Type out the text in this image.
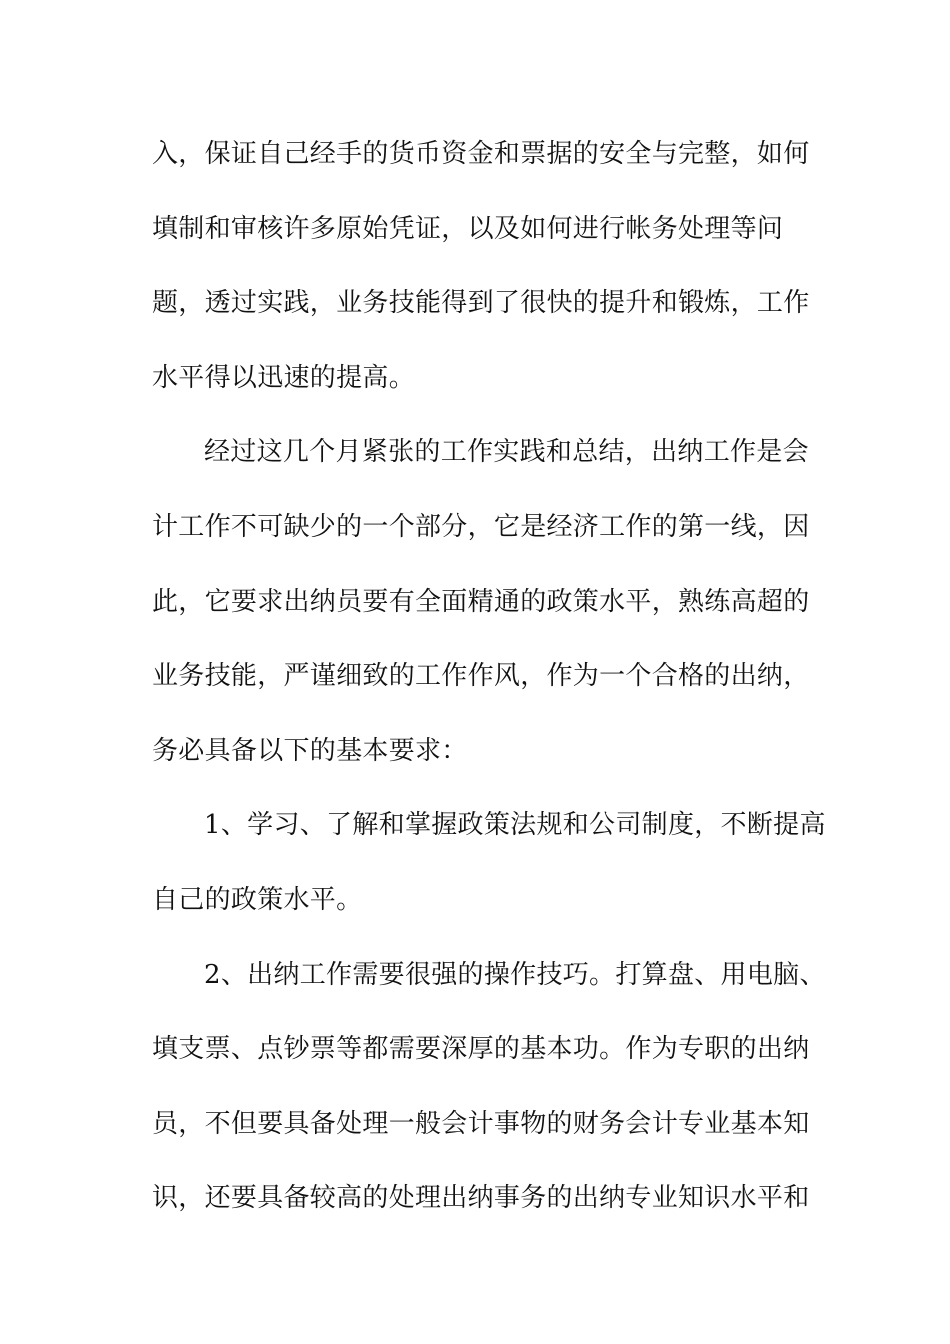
入，保证自己经手的货币资金和票据的安全与完整，如何
填制和审核许多原始凭证，以及如何进行帐务处理等问
题，透过实践，业务技能得到了很快的提升和锻炼，工作
水平得以迅速的提高。
经过这几个月紧张的工作实践和总结，出纳工作是会
计工作不可缺少的一个部分，它是经济工作的第一线，因
此，它要求出纳员要有全面精通的政策水平，熟练高超的
业务技能，严谨细致的工作作风，作为一个合格的出纳，
务必具备以下的基本要求：
1、学习、了解和掌握政策法规和公司制度，不断提高
自己的政策水平。
2、出纳工作需要很强的操作技巧。打算盘、用电脑、
填支票、点钞票等都需要深厚的基本功。作为专职的出纳
员，不但要具备处理一般会计事物的财务会计专业基本知
识，还要具备较高的处理出纳事务的出纳专业知识水平和
